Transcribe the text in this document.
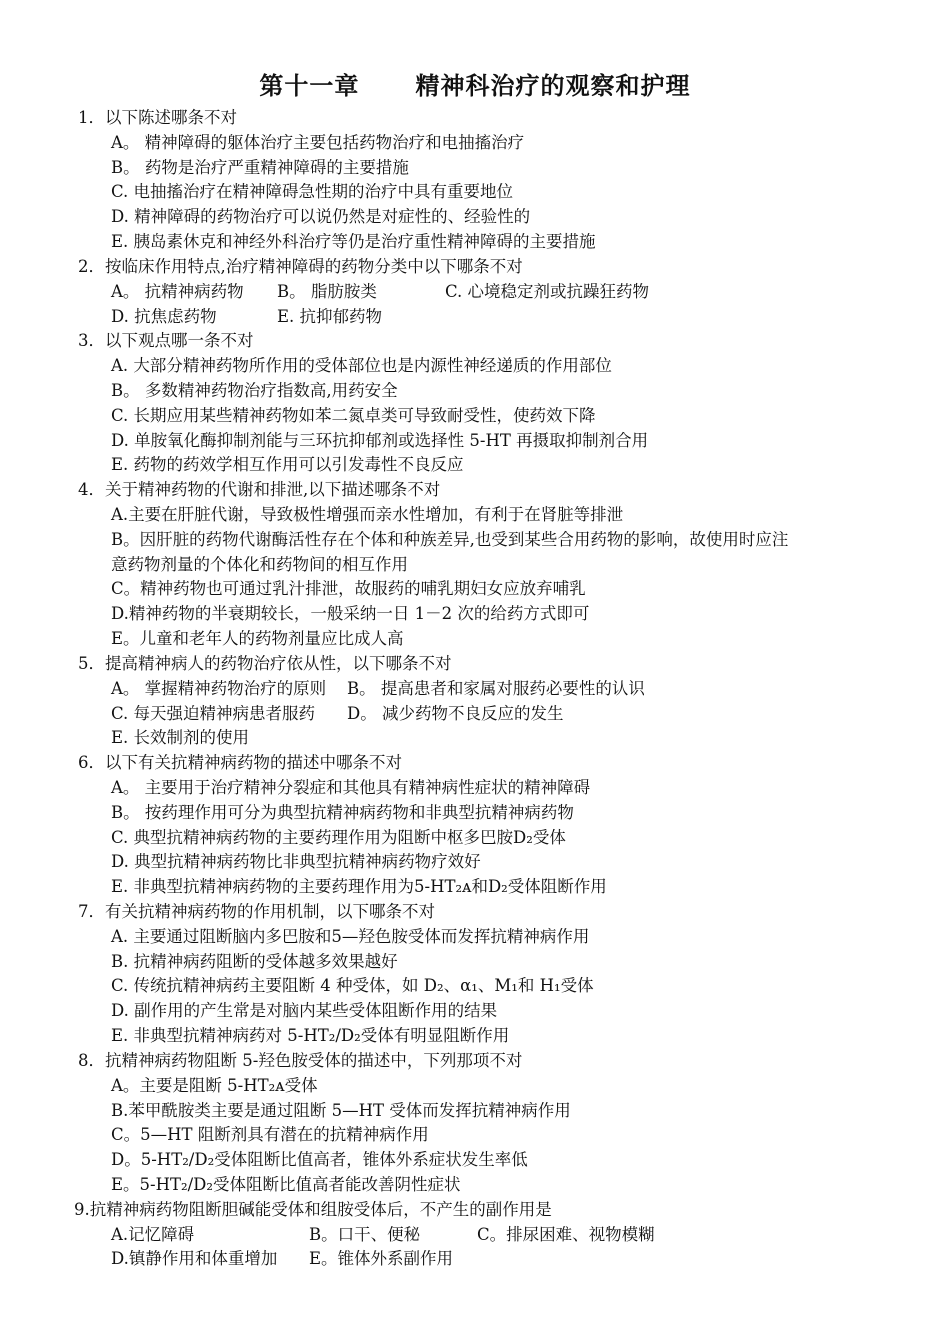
第十一章      精神科治疗的观察和护理
1．以下陈述哪条不对
A。 精神障碍的躯体治疗主要包括药物治疗和电抽搐治疗
B。 药物是治疗严重精神障碍的主要措施
C. 电抽搐治疗在精神障碍急性期的治疗中具有重要地位
D. 精神障碍的药物治疗可以说仍然是对症性的、经验性的
E. 胰岛素休克和神经外科治疗等仍是治疗重性精神障碍的主要措施
2．按临床作用特点,治疗精神障碍的药物分类中以下哪条不对
A。 抗精神病药物	B。 脂肪胺类	C. 心境稳定剂或抗躁狂药物
D. 抗焦虑药物	E. 抗抑郁药物
3．以下观点哪一条不对
A. 大部分精神药物所作用的受体部位也是内源性神经递质的作用部位
B。 多数精神药物治疗指数高,用药安全
C. 长期应用某些精神药物如苯二氮卓类可导致耐受性，使药效下降
D. 单胺氧化酶抑制剂能与三环抗抑郁剂或选择性 5-HT 再摄取抑制剂合用
E. 药物的药效学相互作用可以引发毒性不良反应
4．关于精神药物的代谢和排泄,以下描述哪条不对
A.主要在肝脏代谢，导致极性增强而亲水性增加，有利于在肾脏等排泄
B。因肝脏的药物代谢酶活性存在个体和种族差异,也受到某些合用药物的影响，故使用时应注
意药物剂量的个体化和药物间的相互作用
C。精神药物也可通过乳汁排泄，故服药的哺乳期妇女应放弃哺乳
D.精神药物的半衰期较长，一般采纳一日 1－2 次的给药方式即可
E。儿童和老年人的药物剂量应比成人高
5．提高精神病人的药物治疗依从性，以下哪条不对
A。 掌握精神药物治疗的原则	B。 提高患者和家属对服药必要性的认识
C. 每天强迫精神病患者服药	D。 减少药物不良反应的发生
E. 长效制剂的使用
6．以下有关抗精神病药物的描述中哪条不对
A。 主要用于治疗精神分裂症和其他具有精神病性症状的精神障碍
B。 按药理作用可分为典型抗精神病药物和非典型抗精神病药物
C. 典型抗精神病药物的主要药理作用为阻断中枢多巴胺D₂受体
D. 典型抗精神病药物比非典型抗精神病药物疗效好
E. 非典型抗精神病药物的主要药理作用为5-HT₂ᴀ和D₂受体阻断作用
7．有关抗精神病药物的作用机制，以下哪条不对
A. 主要通过阻断脑内多巴胺和5—羟色胺受体而发挥抗精神病作用
B. 抗精神病药阻断的受体越多效果越好
C. 传统抗精神病药主要阻断 4 种受体，如 D₂、α₁、M₁和 H₁受体
D. 副作用的产生常是对脑内某些受体阻断作用的结果
E. 非典型抗精神病药对 5-HT₂/D₂受体有明显阻断作用
8．抗精神病药物阻断 5-羟色胺受体的描述中，下列那项不对
A。主要是阻断 5-HT₂ᴀ受体
B.苯甲酰胺类主要是通过阻断 5—HT 受体而发挥抗精神病作用
C。5—HT 阻断剂具有潜在的抗精神病作用
D。5-HT₂/D₂受体阻断比值高者，锥体外系症状发生率低
E。5-HT₂/D₂受体阻断比值高者能改善阴性症状
9.抗精神病药物阻断胆碱能受体和组胺受体后，不产生的副作用是
A.记忆障碍	B。口干、便秘	C。排尿困难、视物模糊
D.镇静作用和体重增加	E。锥体外系副作用
